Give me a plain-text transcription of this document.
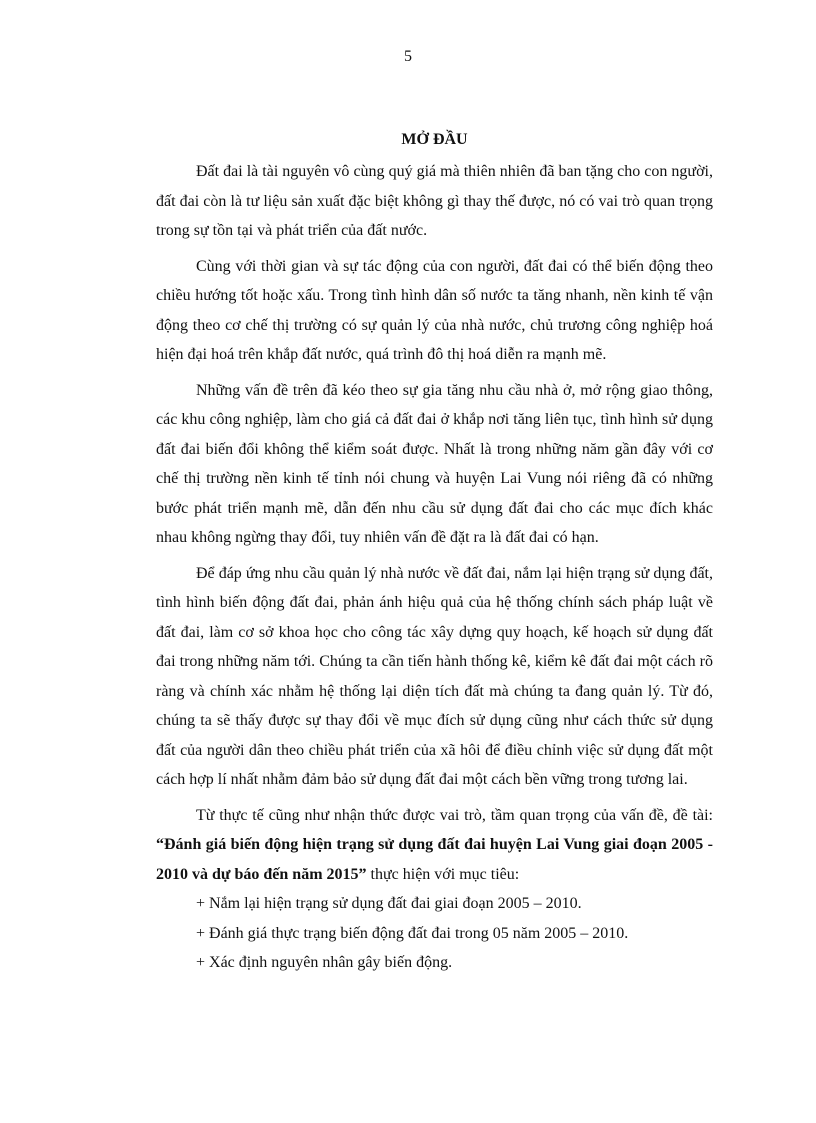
5
MỞ ĐẦU

Đất đai là tài nguyên vô cùng quý giá mà thiên nhiên đã ban tặng cho con người, đất đai còn là tư liệu sản xuất đặc biệt không gì thay thế được, nó có vai trò quan trọng trong sự tồn tại và phát triển của đất nước.

Cùng với thời gian và sự tác động của con người, đất đai có thể biến động theo chiều hướng tốt hoặc xấu. Trong tình hình dân số nước ta tăng nhanh, nền kinh tế vận động theo cơ chế thị trường có sự quản lý của nhà nước, chủ trương công nghiệp hoá hiện đại hoá trên khắp đất nước, quá trình đô thị hoá diễn ra mạnh mẽ.

Những vấn đề trên đã kéo theo sự gia tăng nhu cầu nhà ở, mở rộng giao thông, các khu công nghiệp, làm cho giá cả đất đai ở khắp nơi tăng liên tục, tình hình sử dụng đất đai biến đổi không thể kiểm soát được. Nhất là trong những năm gần đây với cơ chế thị trường nền kinh tế tỉnh nói chung và huyện Lai Vung nói riêng đã có những bước phát triển mạnh mẽ, dẫn đến nhu cầu sử dụng đất đai cho các mục đích khác nhau không ngừng thay đổi, tuy nhiên vấn đề đặt ra là đất đai có hạn.

Để đáp ứng nhu cầu quản lý nhà nước về đất đai, nắm lại hiện trạng sử dụng đất, tình hình biến động đất đai, phản ánh hiệu quả của hệ thống chính sách pháp luật về đất đai, làm cơ sở khoa học cho công tác xây dựng quy hoạch, kế hoạch sử dụng đất đai trong những năm tới. Chúng ta cần tiến hành thống kê, kiểm kê đất đai một cách rõ ràng và chính xác nhằm hệ thống lại diện tích đất mà chúng ta đang quản lý. Từ đó, chúng ta sẽ thấy được sự thay đổi về mục đích sử dụng cũng như cách thức sử dụng đất của người dân theo chiều phát triển của xã hôi để điều chỉnh việc sử dụng đất một cách hợp lí nhất nhằm đảm bảo sử dụng đất đai một cách bền vững trong tương lai.

Từ thực tế cũng như nhận thức được vai trò, tầm quan trọng của vấn đề, đề tài: “Đánh giá biến động hiện trạng sử dụng đất đai huyện Lai Vung giai đoạn 2005 - 2010 và dự báo đến năm 2015” thực hiện với mục tiêu:

+ Nắm lại hiện trạng sử dụng đất đai giai đoạn 2005 – 2010.

+ Đánh giá thực trạng biến động đất đai trong 05 năm 2005 – 2010.

+ Xác định nguyên nhân gây biến động.
